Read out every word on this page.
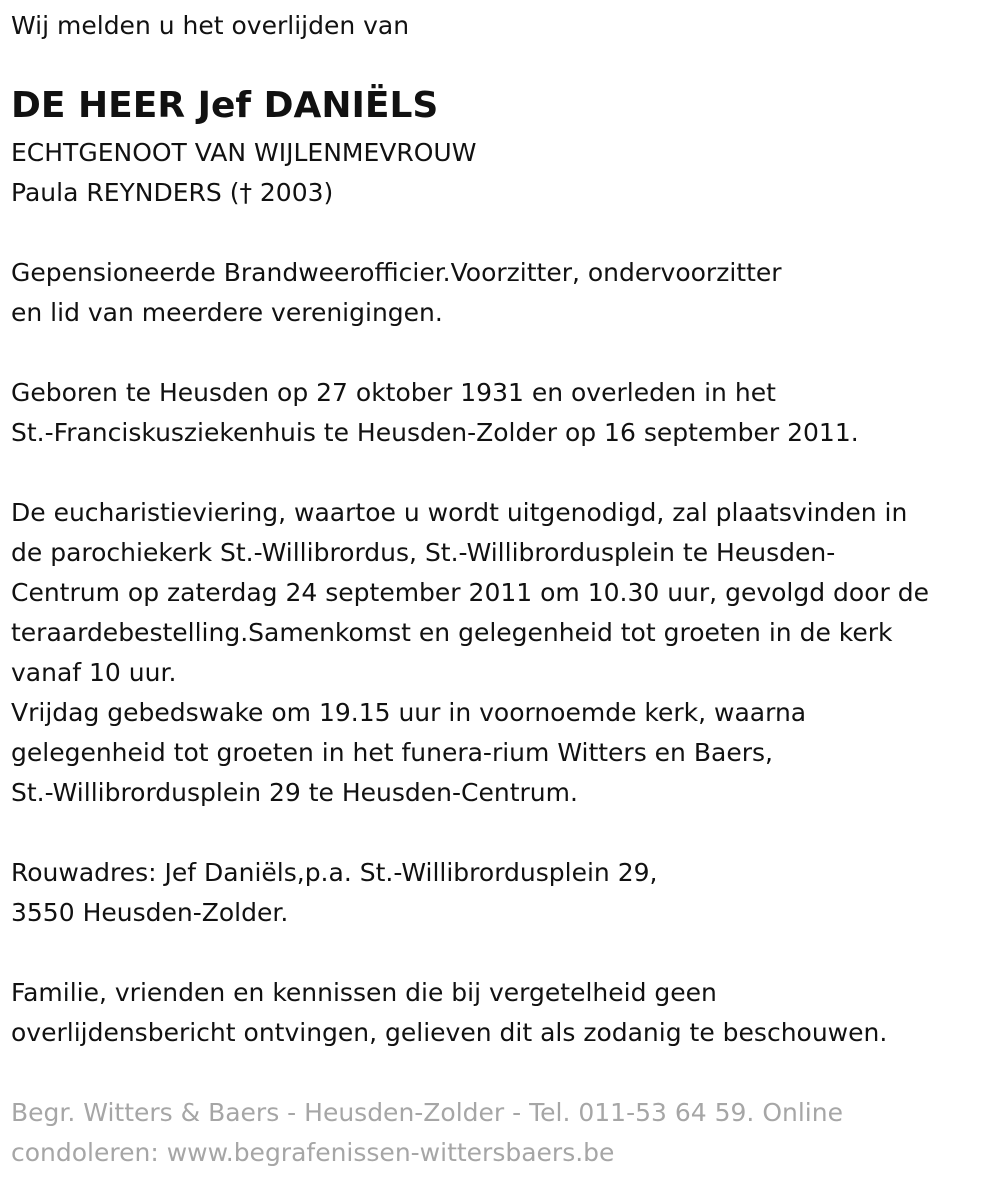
Wij melden u het overlijden van

DE HEER Jef DANIËLS

ECHTGENOOT VAN WIJLENMEVROUW

Paula REYNDERS († 2003)

Gepensioneerde Brandweerofficier.Voorzitter, ondervoorzitter

en lid van meerdere verenigingen.

Geboren te Heusden op 27 oktober 1931 en overleden in het

St.-Franciskusziekenhuis te Heusden-Zolder op 16 september 2011.

De eucharistieviering, waartoe u wordt uitgenodigd, zal plaatsvinden in

de parochiekerk St.-Willibrordus, St.-Willibrordusplein te Heusden-

Centrum op zaterdag 24 september 2011 om 10.30 uur, gevolgd door de

teraardebestelling.Samenkomst en gelegenheid tot groeten in de kerk

vanaf 10 uur.

Vrijdag gebedswake om 19.15 uur in voornoemde kerk, waarna

gelegenheid tot groeten in het funera-rium Witters en Baers,

St.-Willibrordusplein 29 te Heusden-Centrum.

Rouwadres: Jef Daniëls,p.a. St.-Willibrordusplein 29,

3550 Heusden-Zolder.

Familie, vrienden en kennissen die bij vergetelheid geen

overlijdensbericht ontvingen, gelieven dit als zodanig te beschouwen.

Begr. Witters & Baers - Heusden-Zolder - Tel. 011-53 64 59. Online

condoleren: www.begrafenissen-wittersbaers.be
